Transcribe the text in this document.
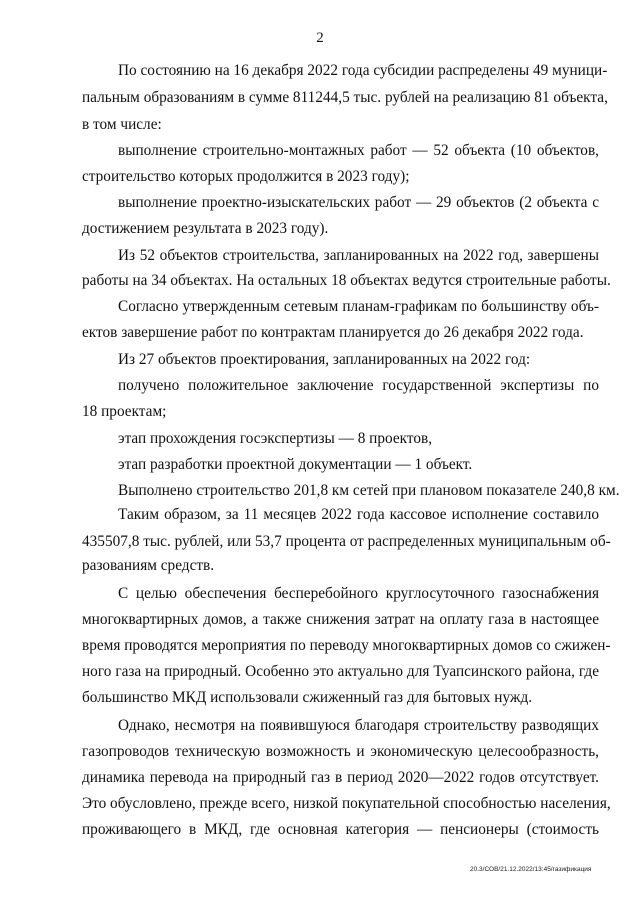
2
По состоянию на 16 декабря 2022 года субсидии распределены 49 муници-
пальным образованиям в сумме 811244,5 тыс. рублей на реализацию 81 объекта,
в том числе:
выполнение строительно-монтажных работ — 52 объекта (10 объектов,
строительство которых продолжится в 2023 году);
выполнение проектно-изыскательских работ — 29 объектов (2 объекта с
достижением результата в 2023 году).
Из 52 объектов строительства, запланированных на 2022 год, завершены
работы на 34 объектах. На остальных 18 объектах ведутся строительные работы.
Согласно утвержденным сетевым планам-графикам по большинству объ-
ектов завершение работ по контрактам планируется до 26 декабря 2022 года.
Из 27 объектов проектирования, запланированных на 2022 год:
получено положительное заключение государственной экспертизы по
18 проектам;
этап прохождения госэкспертизы — 8 проектов,
этап разработки проектной документации — 1 объект.
Выполнено строительство 201,8 км сетей при плановом показателе 240,8 км.
Таким образом, за 11 месяцев 2022 года кассовое исполнение составило
435507,8 тыс. рублей, или 53,7 процента от распределенных муниципальным об-
разованиям средств.
С целью обеспечения бесперебойного круглосуточного газоснабжения
многоквартирных домов, а также снижения затрат на оплату газа в настоящее
время проводятся мероприятия по переводу многоквартирных домов со сжижен-
ного газа на природный. Особенно это актуально для Туапсинского района, где
большинство МКД использовали сжиженный газ для бытовых нужд.
Однако, несмотря на появившуюся благодаря строительству разводящих
газопроводов техническую возможность и экономическую целесообразность,
динамика перевода на природный газ в период 2020—2022 годов отсутствует.
Это обусловлено, прежде всего, низкой покупательной способностью населения,
проживающего в МКД, где основная категория — пенсионеры (стоимость
20.3/СОВ/21.12.2022/13:45/газификация
